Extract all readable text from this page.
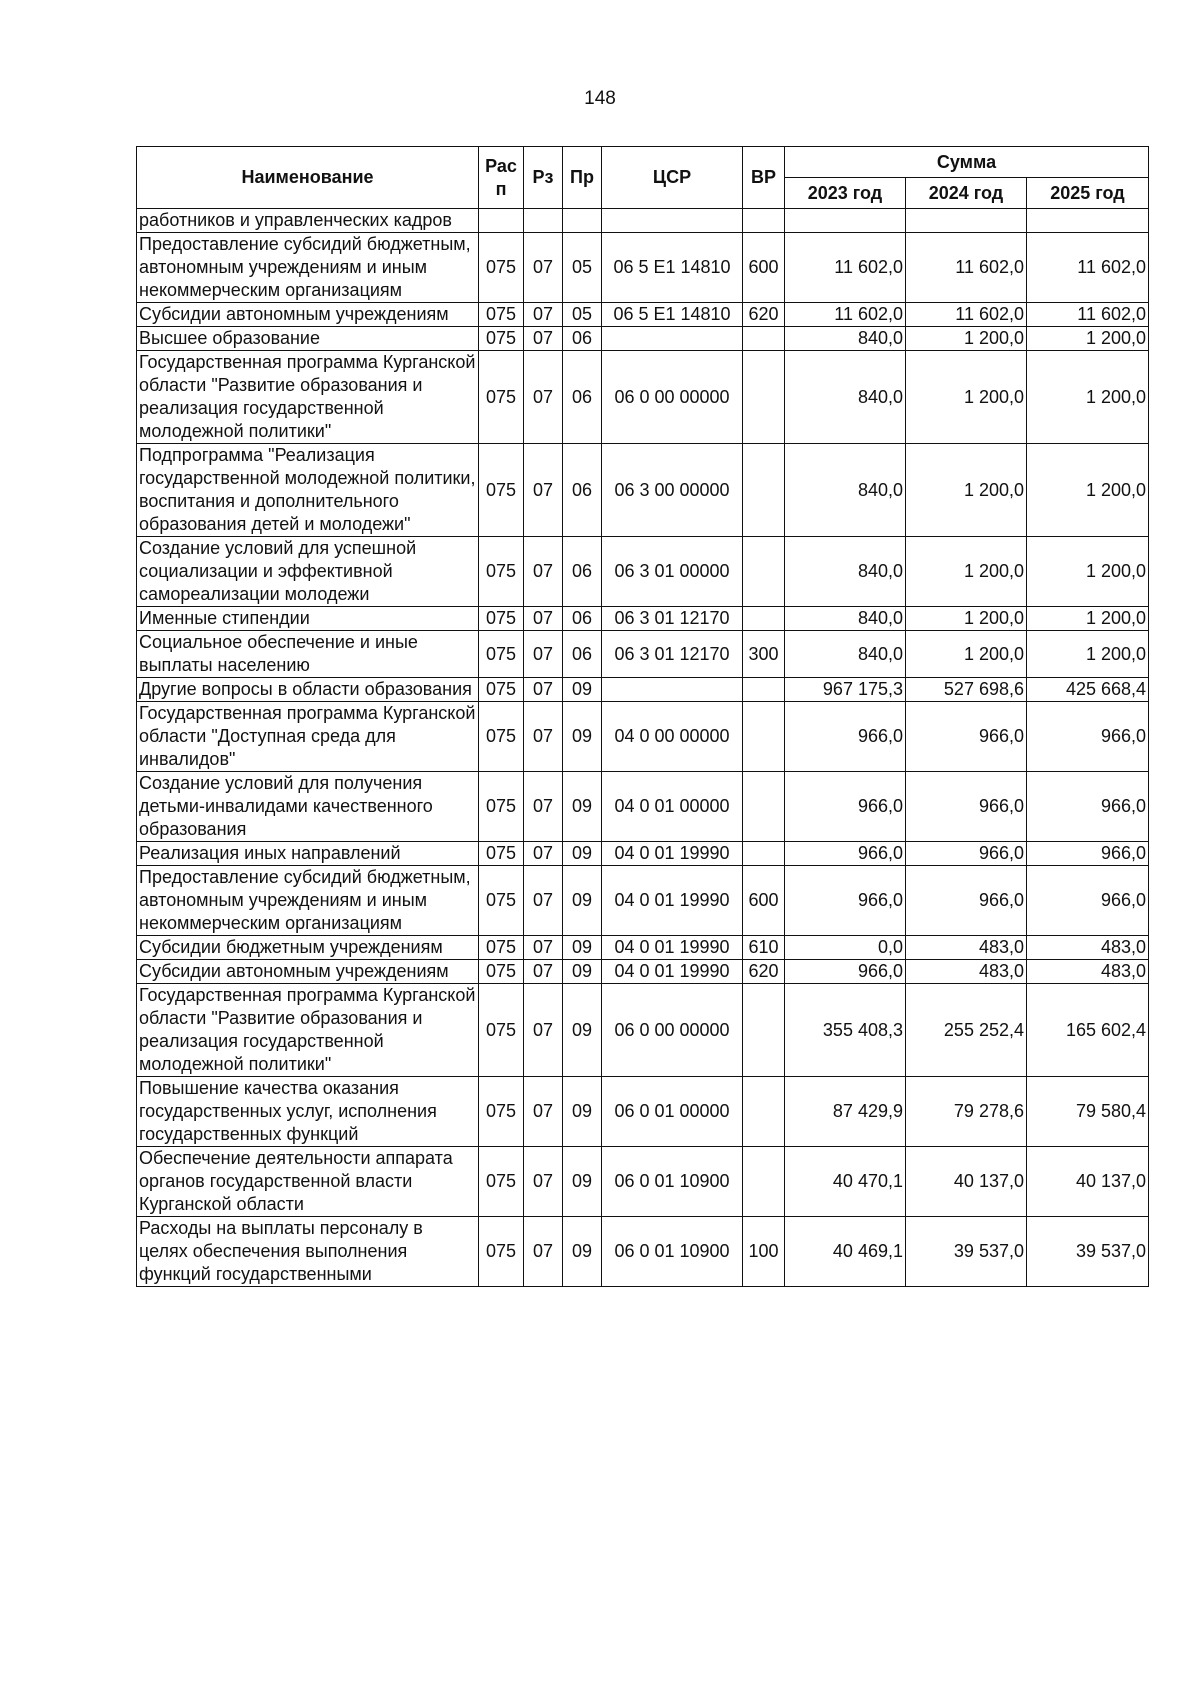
148
Наименование	Рас п	Рз	Пр	ЦСР	ВР	Сумма		
						2023 год	2024 год	2025 год
работников и управленческих кадров								
Предоставление субсидий бюджетным, автономным учреждениям и иным некоммерческим организациям	075	07	05	06 5 E1 14810	600	11 602,0	11 602,0	11 602,0
Субсидии автономным учреждениям	075	07	05	06 5 E1 14810	620	11 602,0	11 602,0	11 602,0
Высшее образование	075	07	06			840,0	1 200,0	1 200,0
Государственная программа Курганской области "Развитие образования и реализация государственной молодежной политики"	075	07	06	06 0 00 00000		840,0	1 200,0	1 200,0
Подпрограмма "Реализация государственной молодежной политики, воспитания и дополнительного образования детей и молодежи"	075	07	06	06 3 00 00000		840,0	1 200,0	1 200,0
Создание условий для успешной социализации и эффективной самореализации молодежи	075	07	06	06 3 01 00000		840,0	1 200,0	1 200,0
Именные стипендии	075	07	06	06 3 01 12170		840,0	1 200,0	1 200,0
Социальное обеспечение и иные выплаты населению	075	07	06	06 3 01 12170	300	840,0	1 200,0	1 200,0
Другие вопросы в области образования	075	07	09			967 175,3	527 698,6	425 668,4
Государственная программа Курганской области "Доступная среда для инвалидов"	075	07	09	04 0 00 00000		966,0	966,0	966,0
Создание условий для получения детьми-инвалидами качественного образования	075	07	09	04 0 01 00000		966,0	966,0	966,0
Реализация иных направлений	075	07	09	04 0 01 19990		966,0	966,0	966,0
Предоставление субсидий бюджетным, автономным учреждениям и иным некоммерческим организациям	075	07	09	04 0 01 19990	600	966,0	966,0	966,0
Субсидии бюджетным учреждениям	075	07	09	04 0 01 19990	610	0,0	483,0	483,0
Субсидии автономным учреждениям	075	07	09	04 0 01 19990	620	966,0	483,0	483,0
Государственная программа Курганской области "Развитие образования и реализация государственной молодежной политики"	075	07	09	06 0 00 00000		355 408,3	255 252,4	165 602,4
Повышение качества оказания государственных услуг, исполнения государственных функций	075	07	09	06 0 01 00000		87 429,9	79 278,6	79 580,4
Обеспечение деятельности аппарата органов государственной власти Курганской области	075	07	09	06 0 01 10900		40 470,1	40 137,0	40 137,0
Расходы на выплаты персоналу в целях обеспечения выполнения функций государственными	075	07	09	06 0 01 10900	100	40 469,1	39 537,0	39 537,0
